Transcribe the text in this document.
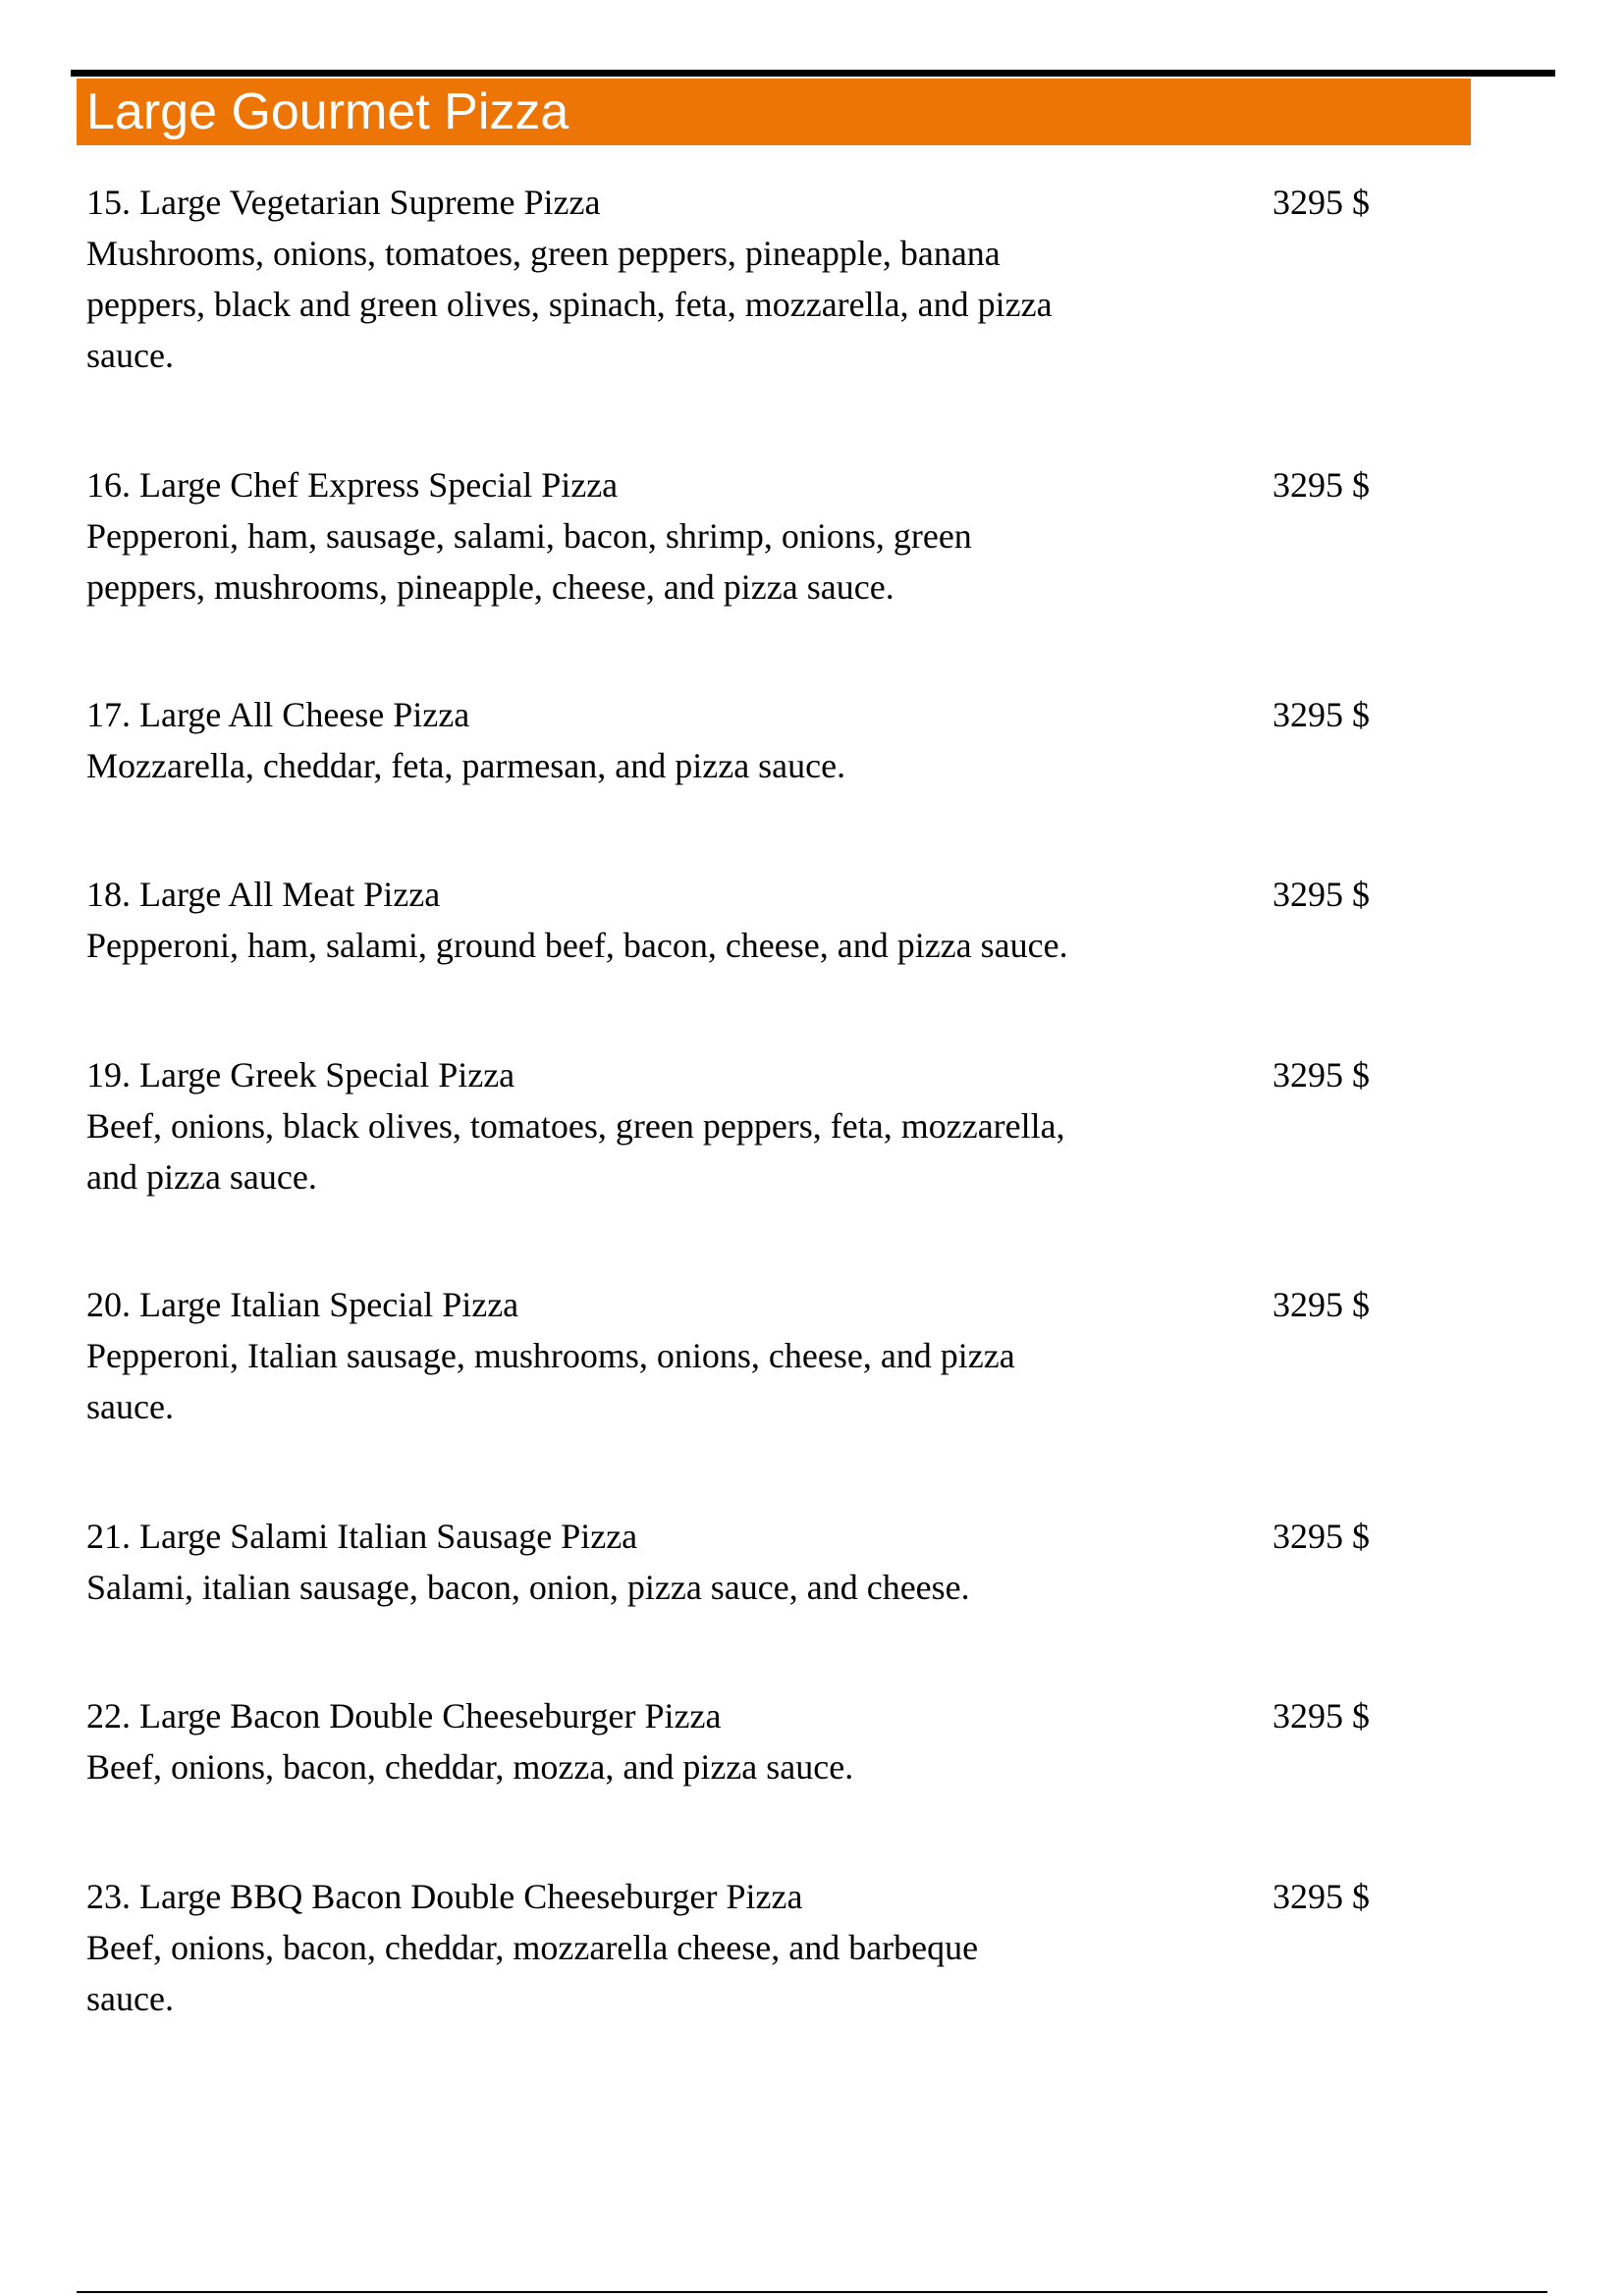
Large Gourmet Pizza
15. Large Vegetarian Supreme Pizza	3295 $
Mushrooms, onions, tomatoes, green peppers, pineapple, banana
peppers, black and green olives, spinach, feta, mozzarella, and pizza
sauce.
16. Large Chef Express Special Pizza	3295 $
Pepperoni, ham, sausage, salami, bacon, shrimp, onions, green
peppers, mushrooms, pineapple, cheese, and pizza sauce.
17. Large All Cheese Pizza	3295 $
Mozzarella, cheddar, feta, parmesan, and pizza sauce.
18. Large All Meat Pizza	3295 $
Pepperoni, ham, salami, ground beef, bacon, cheese, and pizza sauce.
19. Large Greek Special Pizza	3295 $
Beef, onions, black olives, tomatoes, green peppers, feta, mozzarella,
and pizza sauce.
20. Large Italian Special Pizza	3295 $
Pepperoni, Italian sausage, mushrooms, onions, cheese, and pizza
sauce.
21. Large Salami Italian Sausage Pizza	3295 $
Salami, italian sausage, bacon, onion, pizza sauce, and cheese.
22. Large Bacon Double Cheeseburger Pizza	3295 $
Beef, onions, bacon, cheddar, mozza, and pizza sauce.
23. Large BBQ Bacon Double Cheeseburger Pizza	3295 $
Beef, onions, bacon, cheddar, mozzarella cheese, and barbeque
sauce.
